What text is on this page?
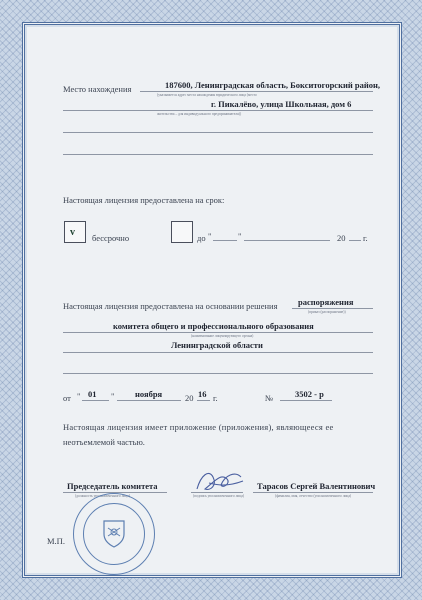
Место нахождения	187600, Ленинградская область, Бокситогорский район,
(указывается адрес места нахождения юридического лица (место
г. Пикалёво, улица Школьная, дом 6
жительства – для индивидуального предпринимателя))
Настоящая лицензия предоставлена на срок:
v бессрочно	до "	"	20 г.
Настоящая лицензия предоставлена на основании решения распоряжения
(приказ (распоряжение))
комитета общего и профессионального образования
(наименование лицензирующего органа)
Ленинградской области
от " 01 " ноября	20 16 г.	№	3502 - р
Настоящая лицензия имеет приложение (приложения), являющееся ее
неотъемлемой частью.
Председатель комитета
(должность уполномоченного лица)	(подпись уполномоченного лица)
Тарасов Сергей Валентинович
(фамилия, имя, отчество (уполномоченного лица)
М.П.
